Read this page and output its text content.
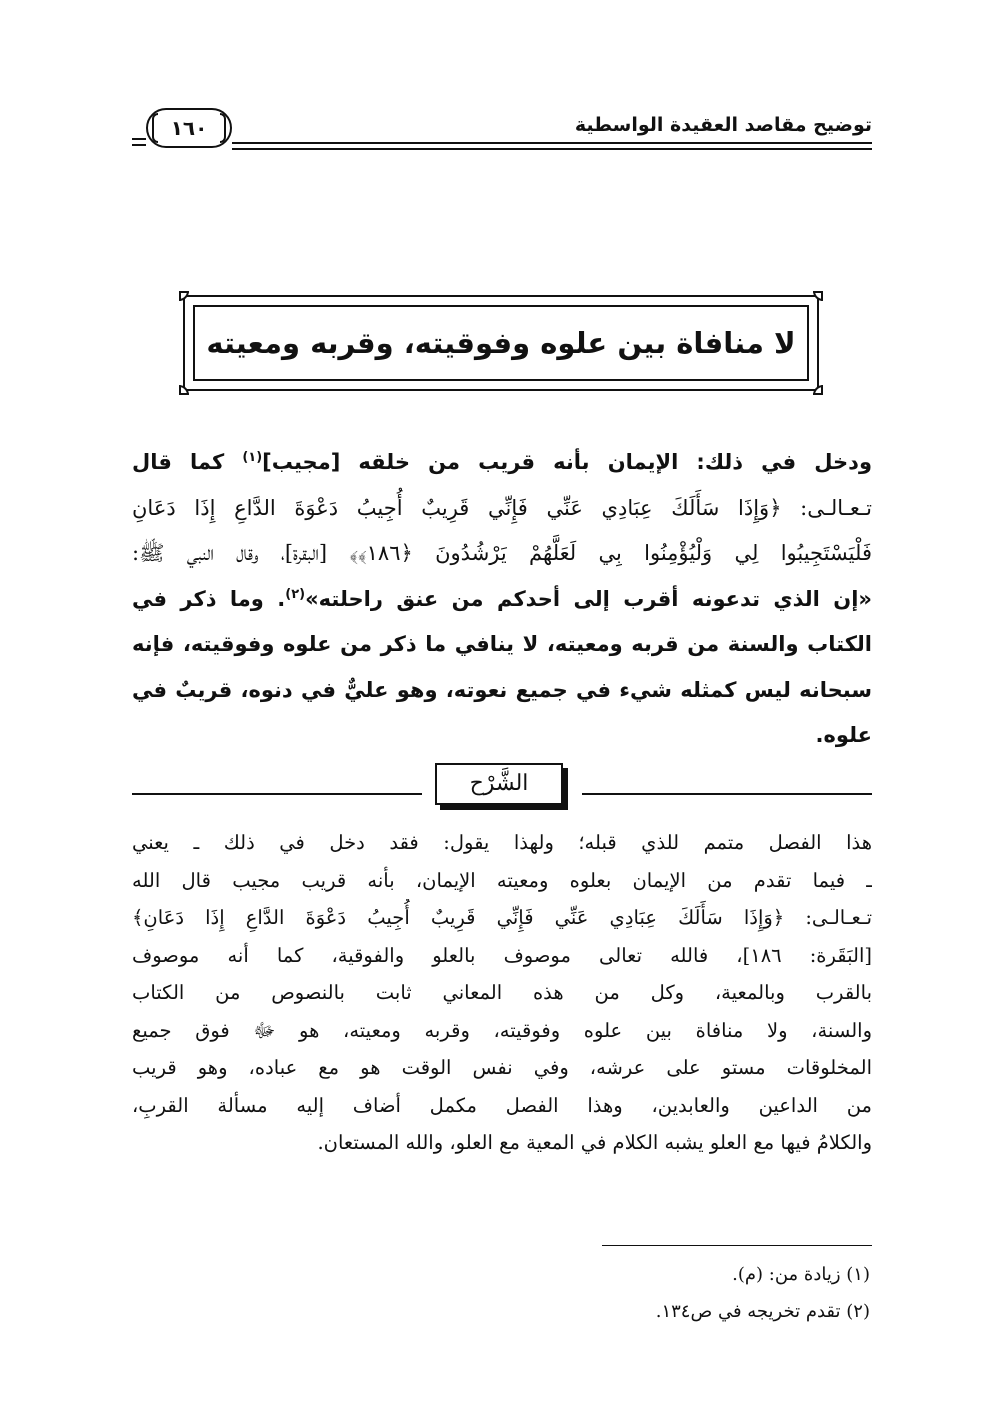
١٦٠	توضيح مقاصد العقيدة الواسطية
لا منافاة بين علوه وفوقيته، وقربه ومعيته
ودخل في ذلك: الإيمان بأنه قريب من خلقه [مجيب]$^{(١)}$ كما قال
تـعـالـى: ﴿وَإِذَا سَأَلَكَ عِبَادِي عَنِّي فَإِنِّي قَرِيبٌ أُجِيبُ دَعْوَةَ الدَّاعِ إِذَا دَعَانِ
فَلْيَسْتَجِيبُوا لِي وَلْيُؤْمِنُوا بِي لَعَلَّهُمْ يَرْشُدُونَ ﴿١٨٦﴾﴾ [البقرة]، وقال النبي ﷺ:
«إن الذي تدعونه أقرب إلى أحدكم من عنق راحلته»$^{(٢)}$. وما ذكر في
الكتاب والسنة من قربه ومعيته، لا ينافي ما ذكر من علوه وفوقيته، فإنه
سبحانه ليس كمثله شيء في جميع نعوته، وهو عليٌّ في دنوه، قريبٌ في
علوه.
الشَّرْح
هذا الفصل متمم للذي قبله؛ ولهذا يقول: فقد دخل في ذلك ـ يعني
ـ فيما تقدم من الإيمان بعلوه ومعيته الإيمان، بأنه قريب مجيب قال الله
تـعـالـى: ﴿وَإِذَا سَأَلَكَ عِبَادِي عَنِّي فَإِنِّي قَرِيبٌ أُجِيبُ دَعْوَةَ الدَّاعِ إِذَا دَعَانِ﴾
[البَقَرة: ١٨٦]، فالله تعالى موصوف بالعلو والفوقية، كما أنه موصوف
بالقرب وبالمعية، وكل من هذه المعاني ثابت بالنصوص من الكتاب
والسنة، ولا منافاة بين علوه وفوقيته، وقربه ومعيته، هو ﷻ فوق جميع
المخلوقات مستو على عرشه، وفي نفس الوقت هو مع عباده، وهو قريب
من الداعين والعابدين، وهذا الفصل مكمل أضاف إليه مسألة القربِ،
والكلامُ فيها مع العلو يشبه الكلام في المعية مع العلو، والله المستعان.
(١) زيادة من: (م).
(٢) تقدم تخريجه في ص١٣٤.
